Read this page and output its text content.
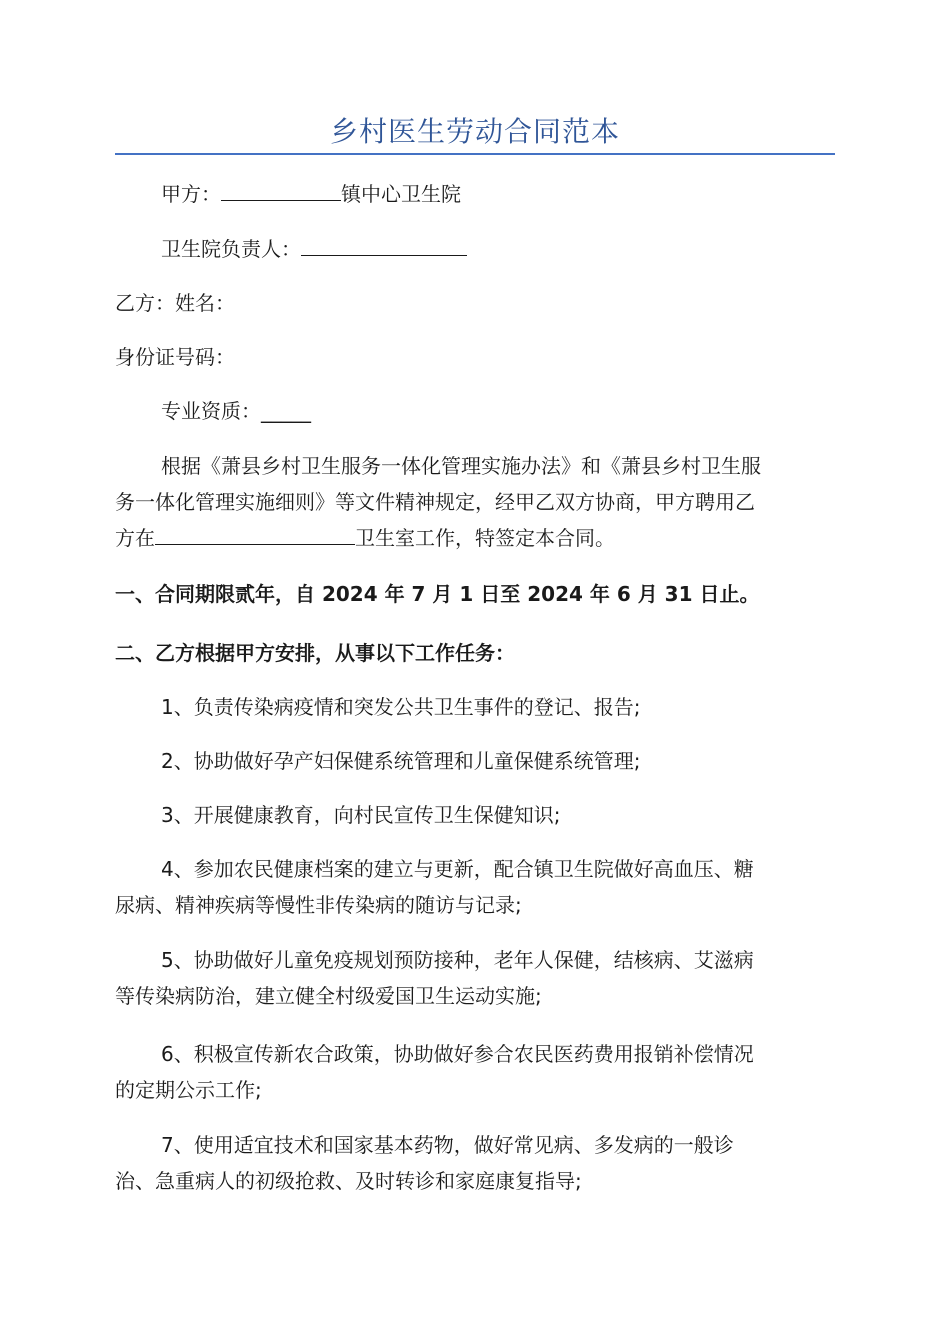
乡村医生劳动合同范本

甲方：	镇中心卫生院

卫生院负责人：

乙方：姓名：

身份证号码：

专业资质：_____

根据《萧县乡村卫生服务一体化管理实施办法》和《萧县乡村卫生服
务一体化管理实施细则》等文件精神规定，经甲乙双方协商，甲方聘用乙
方在	卫生室工作，特签定本合同。

一、合同期限贰年，自 2024 年 7 月 1 日至 2024 年 6 月 31 日止。

二、乙方根据甲方安排，从事以下工作任务：

1、负责传染病疫情和突发公共卫生事件的登记、报告;

2、协助做好孕产妇保健系统管理和儿童保健系统管理;

3、开展健康教育，向村民宣传卫生保健知识;

4、参加农民健康档案的建立与更新，配合镇卫生院做好高血压、糖
尿病、精神疾病等慢性非传染病的随访与记录;

5、协助做好儿童免疫规划预防接种，老年人保健，结核病、艾滋病
等传染病防治，建立健全村级爱国卫生运动实施;

6、积极宣传新农合政策，协助做好参合农民医药费用报销补偿情况
的定期公示工作;

7、使用适宜技术和国家基本药物，做好常见病、多发病的一般诊
治、急重病人的初级抢救、及时转诊和家庭康复指导;
